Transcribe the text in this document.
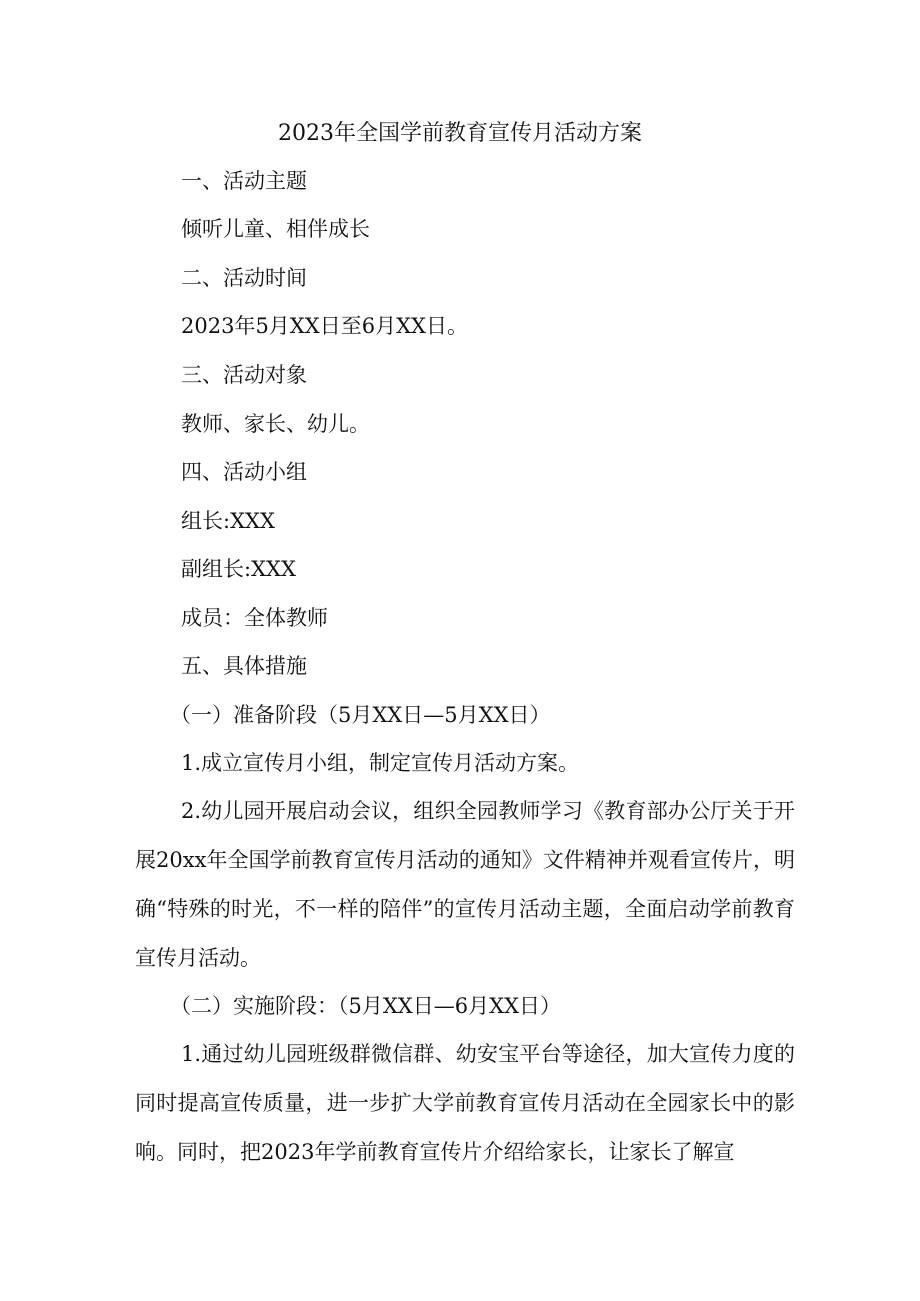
2023年全国学前教育宣传月活动方案
一、活动主题
倾听儿童、相伴成长
二、活动时间
2023年5月XX日至6月XX日。
三、活动对象
教师、家长、幼儿。
四、活动小组
组长:XXX
副组长:XXX
成员：全体教师
五、具体措施
（一）准备阶段（5月XX日—5月XX日）
1.成立宣传月小组，制定宣传月活动方案。
2.幼儿园开展启动会议，组织全园教师学习《教育部办公厅关于开展20xx年全国学前教育宣传月活动的通知》文件精神并观看宣传片，明确“特殊的时光，不一样的陪伴”的宣传月活动主题，全面启动学前教育宣传月活动。
（二）实施阶段：（5月XX日—6月XX日）
1.通过幼儿园班级群微信群、幼安宝平台等途径，加大宣传力度的同时提高宣传质量，进一步扩大学前教育宣传月活动在全园家长中的影响。同时，把2023年学前教育宣传片介绍给家长，让家长了解宣
